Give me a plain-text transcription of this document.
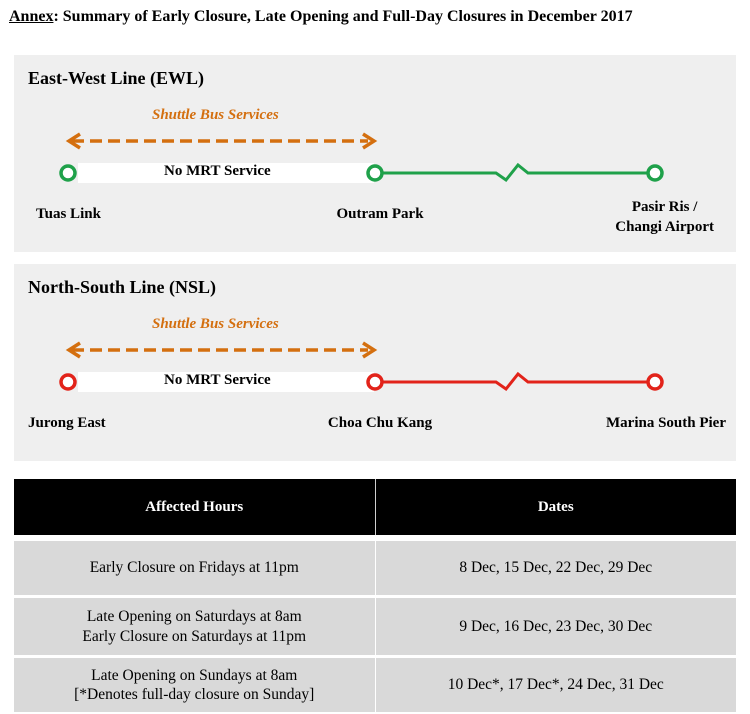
Annex: Summary of Early Closure, Late Opening and Full-Day Closures in December 2017
East-West Line (EWL)
Shuttle Bus Services
No MRT Service
Tuas Link	Outram Park	Pasir Ris /
Changi Airport
North-South Line (NSL)
Shuttle Bus Services
No MRT Service
Jurong East	Choa Chu Kang	Marina South Pier
Affected Hours	Dates

Early Closure on Fridays at 11pm	8 Dec, 15 Dec, 22 Dec, 29 Dec

Late Opening on Saturdays at 8am
Early Closure on Saturdays at 11pm	9 Dec, 16 Dec, 23 Dec, 30 Dec

Late Opening on Sundays at 8am
[*Denotes full-day closure on Sunday]	10 Dec*, 17 Dec*, 24 Dec, 31 Dec
